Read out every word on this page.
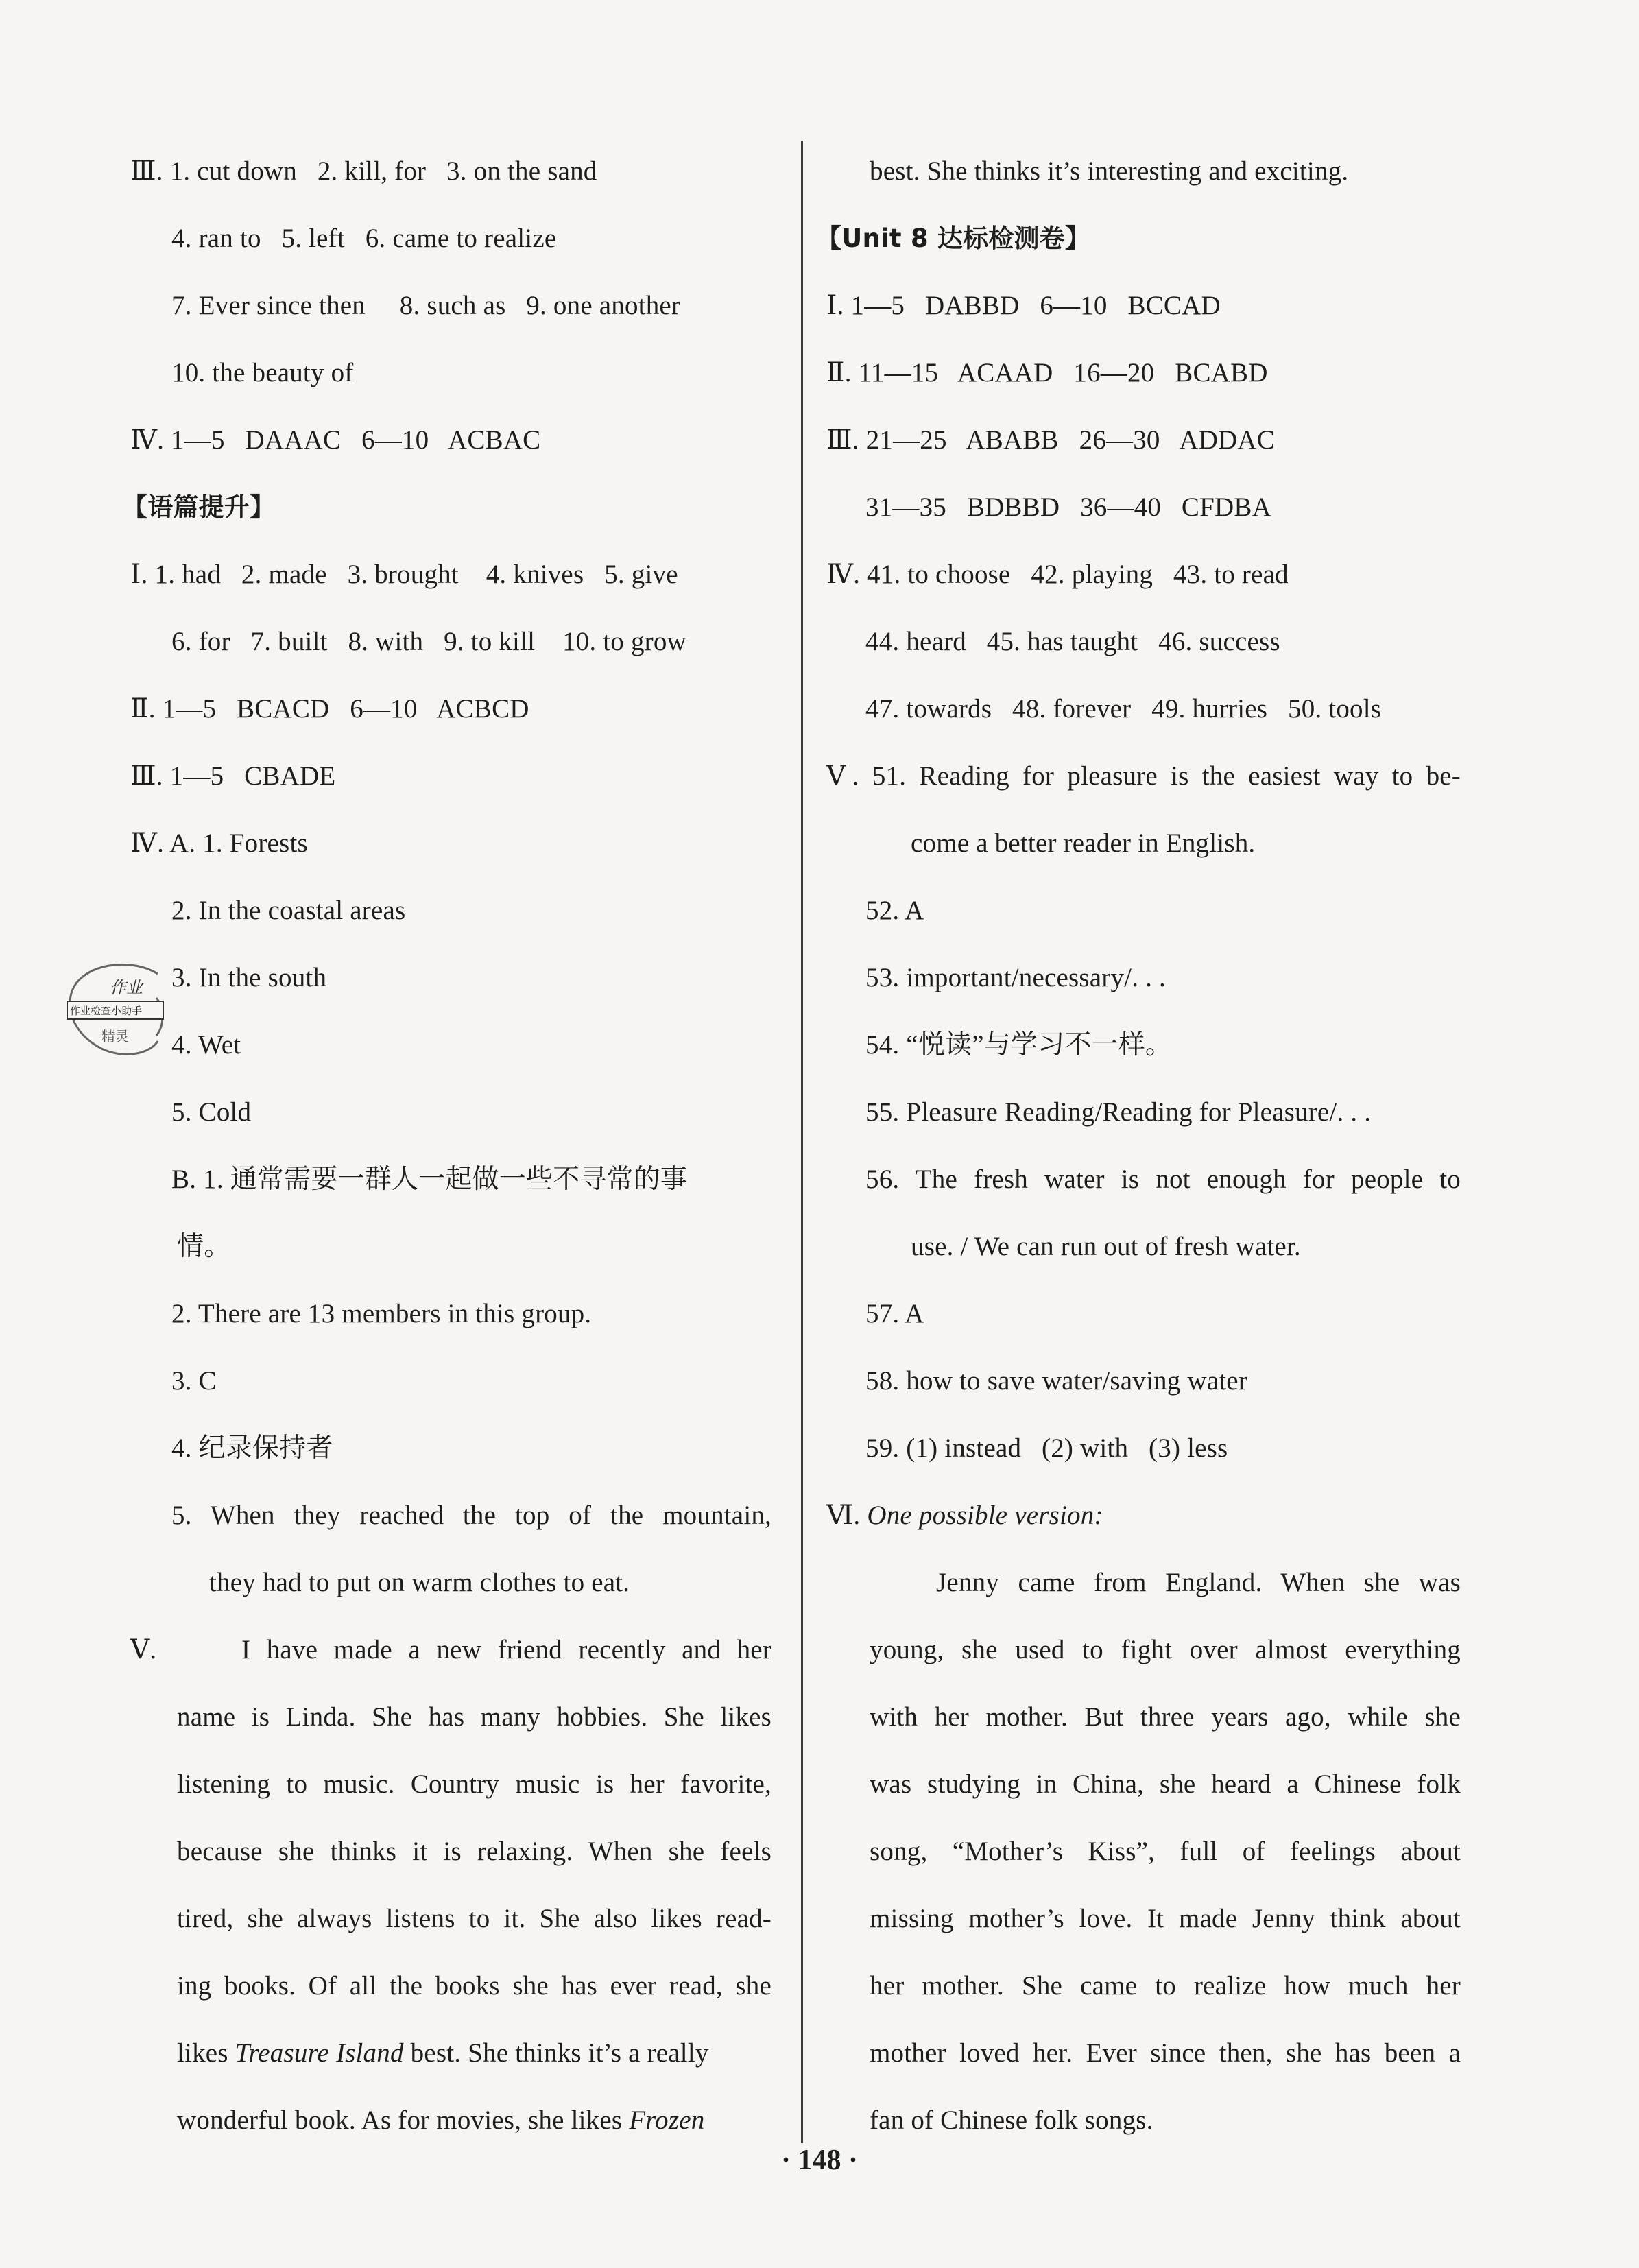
Ⅲ. 1. cut down   2. kill, for   3. on the sand
4. ran to   5. left   6. came to realize
7. Ever since then     8. such as   9. one another
10. the beauty of
Ⅳ. 1—5   DAAAC   6—10   ACBAC
【语篇提升】
Ⅰ. 1. had   2. made   3. brought    4. knives   5. give
6. for   7. built   8. with   9. to kill    10. to grow
Ⅱ. 1—5   BCACD   6—10   ACBCD
Ⅲ. 1—5   CBADE
Ⅳ. A. 1. Forests
2. In the coastal areas
3. In the south
4. Wet
5. Cold
B. 1. 通常需要一群人一起做一些不寻常的事
情。
2. There are 13 members in this group.
3. C
4. 纪录保持者
5. When they reached the top of the mountain,
they had to put on warm clothes to eat.
Ⅴ.	I have made a new friend recently and her
name is Linda. She has many hobbies. She likes
listening to music. Country music is her favorite,
because she thinks it is relaxing. When she feels
tired, she always listens to it. She also likes read-
ing books. Of all the books she has ever read, she
likes Treasure Island best. She thinks it’s a really
wonderful book. As for movies, she likes Frozen
作业
作业检查小助手
精灵
best. She thinks it’s interesting and exciting.
【Unit 8 达标检测卷】
Ⅰ. 1—5   DABBD   6—10   BCCAD
Ⅱ. 11—15   ACAAD   16—20   BCABD
Ⅲ. 21—25   ABABB   26—30   ADDAC
31—35   BDBBD   36—40   CFDBA
Ⅳ. 41. to choose   42. playing   43. to read
44. heard   45. has taught   46. success
47. towards   48. forever   49. hurries   50. tools
Ⅴ. 51. Reading for pleasure is the easiest way to be-
come a better reader in English.
52. A
53. important/necessary/. . .
54. “悦读”与学习不一样。
55. Pleasure Reading/Reading for Pleasure/. . .
56. The fresh water is not enough for people to
use. / We can run out of fresh water.
57. A
58. how to save water/saving water
59. (1) instead   (2) with   (3) less
Ⅵ. One possible version:
Jenny came from England. When she was
young, she used to fight over almost everything
with her mother. But three years ago, while she
was studying in China, she heard a Chinese folk
song, “Mother’s Kiss”, full of feelings about
missing mother’s love. It made Jenny think about
her mother. She came to realize how much her
mother loved her. Ever since then, she has been a
fan of Chinese folk songs.
· 148 ·
